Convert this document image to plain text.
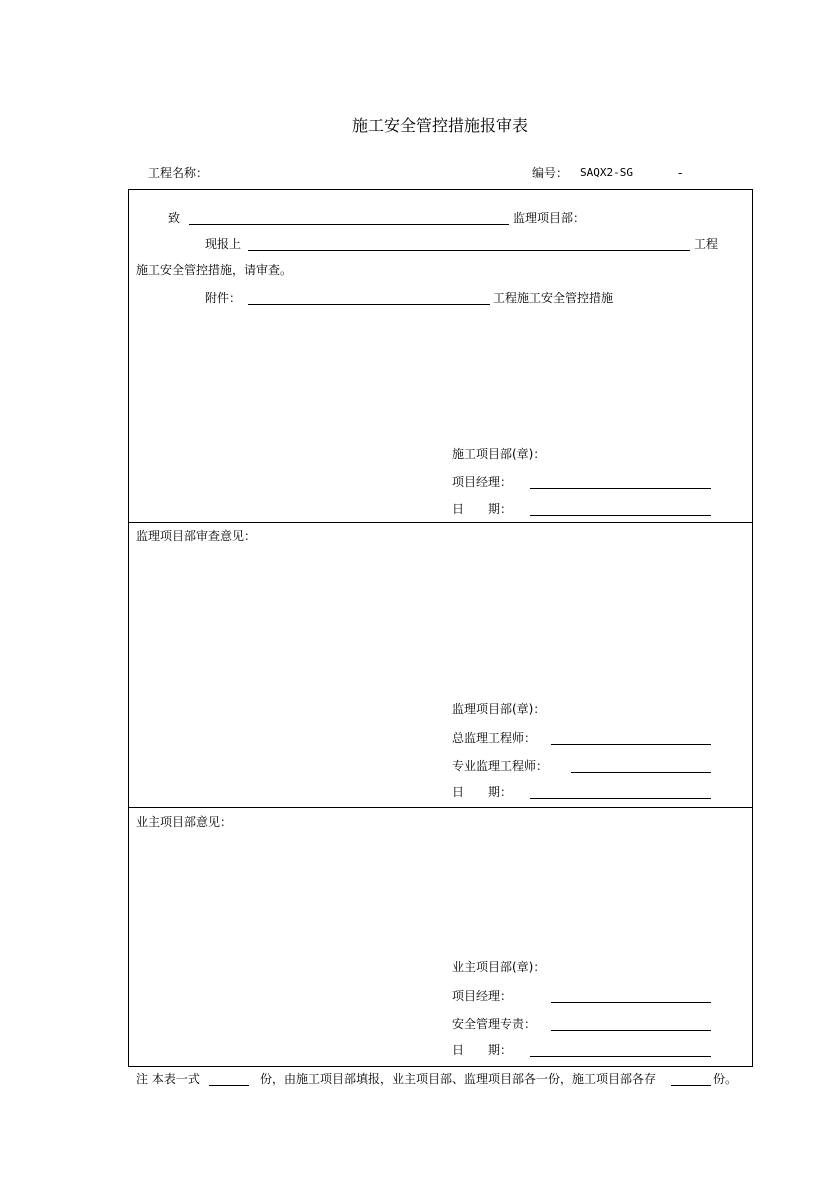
施工安全管控措施报审表
工程名称：	编号： SAQX2-SG	-
致	监理项目部：
现报上	工程
施工安全管控措施，请审查。
附件：	工程施工安全管控措施
施工项目部(章)：
项目经理：
日　　期：
监理项目部审查意见：
监理项目部(章)：
总监理工程师：
专业监理工程师：
日　　期：
业主项目部意见：
业主项目部(章)：
项目经理：
安全管理专责：
日　　期：
注 本表一式	份，由施工项目部填报，业主项目部、监理项目部各一份，施工项目部各存	份。
